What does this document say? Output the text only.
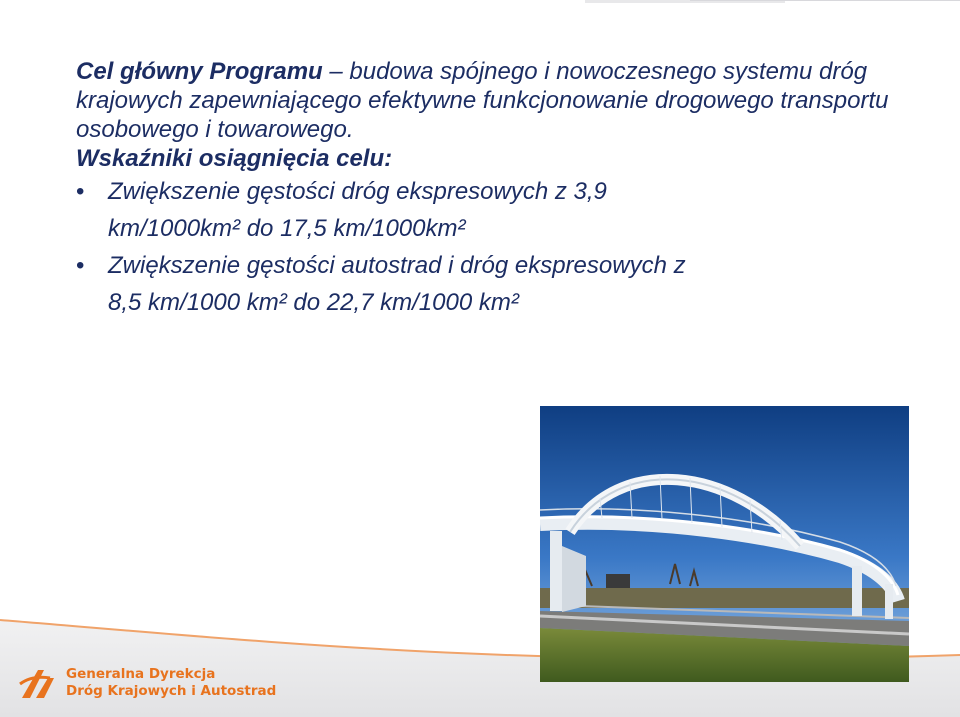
Cel główny Programu – budowa spójnego i nowoczesnego systemu dróg krajowych zapewniającego efektywne funkcjonowanie drogowego transportu osobowego i towarowego.

Wskaźniki osiągnięcia celu:

• Zwiększenie gęstości dróg ekspresowych z 3,9
km/1000km² do 17,5 km/1000km²
• Zwiększenie gęstości autostrad i dróg ekspresowych z
8,5 km/1000 km² do 22,7 km/1000 km²
Generalna Dyrekcja
Dróg Krajowych i Autostrad
